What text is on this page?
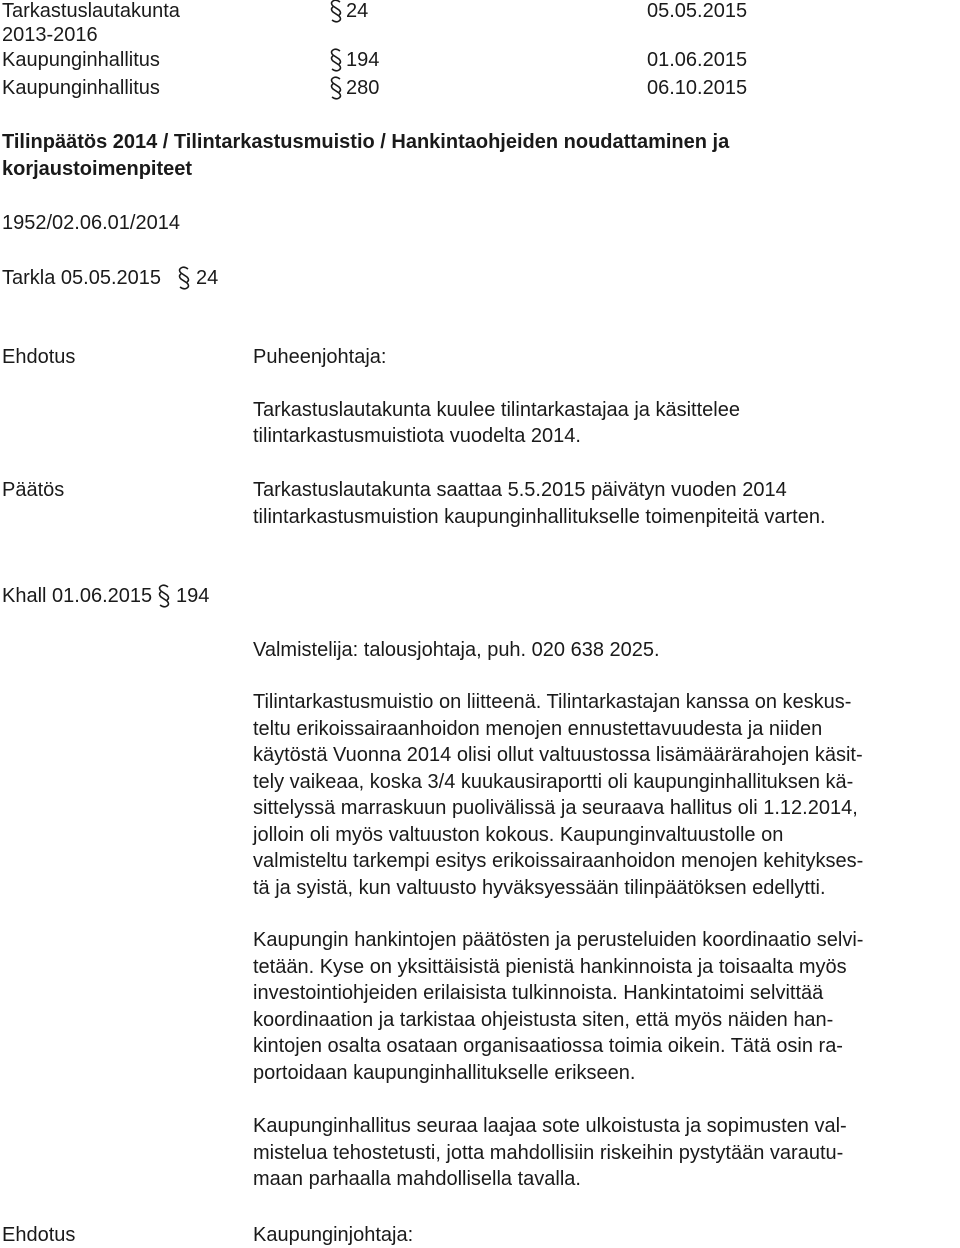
Tarkastuslautakunta	24	05.05.2015
2013-2016
Kaupunginhallitus	194	01.06.2015
Kaupunginhallitus	280	06.10.2015
Tilinpäätös 2014 / Tilintarkastusmuistio / Hankintaohjeiden noudattaminen ja
korjaustoimenpiteet
1952/02.06.01/2014
Tarkla 05.05.2015 24
Ehdotus	Puheenjohtaja:
Tarkastuslautakunta kuulee tilintarkastajaa ja käsittelee
tilintarkastusmuistiota vuodelta 2014.
Päätös	Tarkastuslautakunta saattaa 5.5.2015 päivätyn vuoden 2014
tilintarkastusmuistion kaupunginhallitukselle toimenpiteitä varten.
Khall 01.06.2015 194
Valmistelija: talousjohtaja, puh. 020 638 2025.
Tilintarkastusmuistio on liitteenä. Tilintarkastajan kanssa on keskus-
teltu erikoissairaanhoidon menojen ennustettavuudesta ja niiden
käytöstä Vuonna 2014 olisi ollut valtuustossa lisämäärärahojen käsit-
tely vaikeaa, koska 3/4 kuukausiraportti oli kaupunginhallituksen kä-
sittelyssä marraskuun puolivälissä ja seuraava hallitus oli 1.12.2014,
jolloin oli myös valtuuston kokous. Kaupunginvaltuustolle on
valmisteltu tarkempi esitys erikoissairaanhoidon menojen kehitykses-
tä ja syistä, kun valtuusto hyväksyessään tilinpäätöksen edellytti.
Kaupungin hankintojen päätösten ja perusteluiden koordinaatio selvi-
tetään. Kyse on yksittäisistä pienistä hankinnoista ja toisaalta myös
investointiohjeiden erilaisista tulkinnoista. Hankintatoimi selvittää
koordinaation ja tarkistaa ohjeistusta siten, että myös näiden han-
kintojen osalta osataan organisaatiossa toimia oikein. Tätä osin ra-
portoidaan kaupunginhallitukselle erikseen.
Kaupunginhallitus seuraa laajaa sote ulkoistusta ja sopimusten val-
mistelua tehostetusti, jotta mahdollisiin riskeihin pystytään varautu-
maan parhaalla mahdollisella tavalla.
Ehdotus	Kaupunginjohtaja:
